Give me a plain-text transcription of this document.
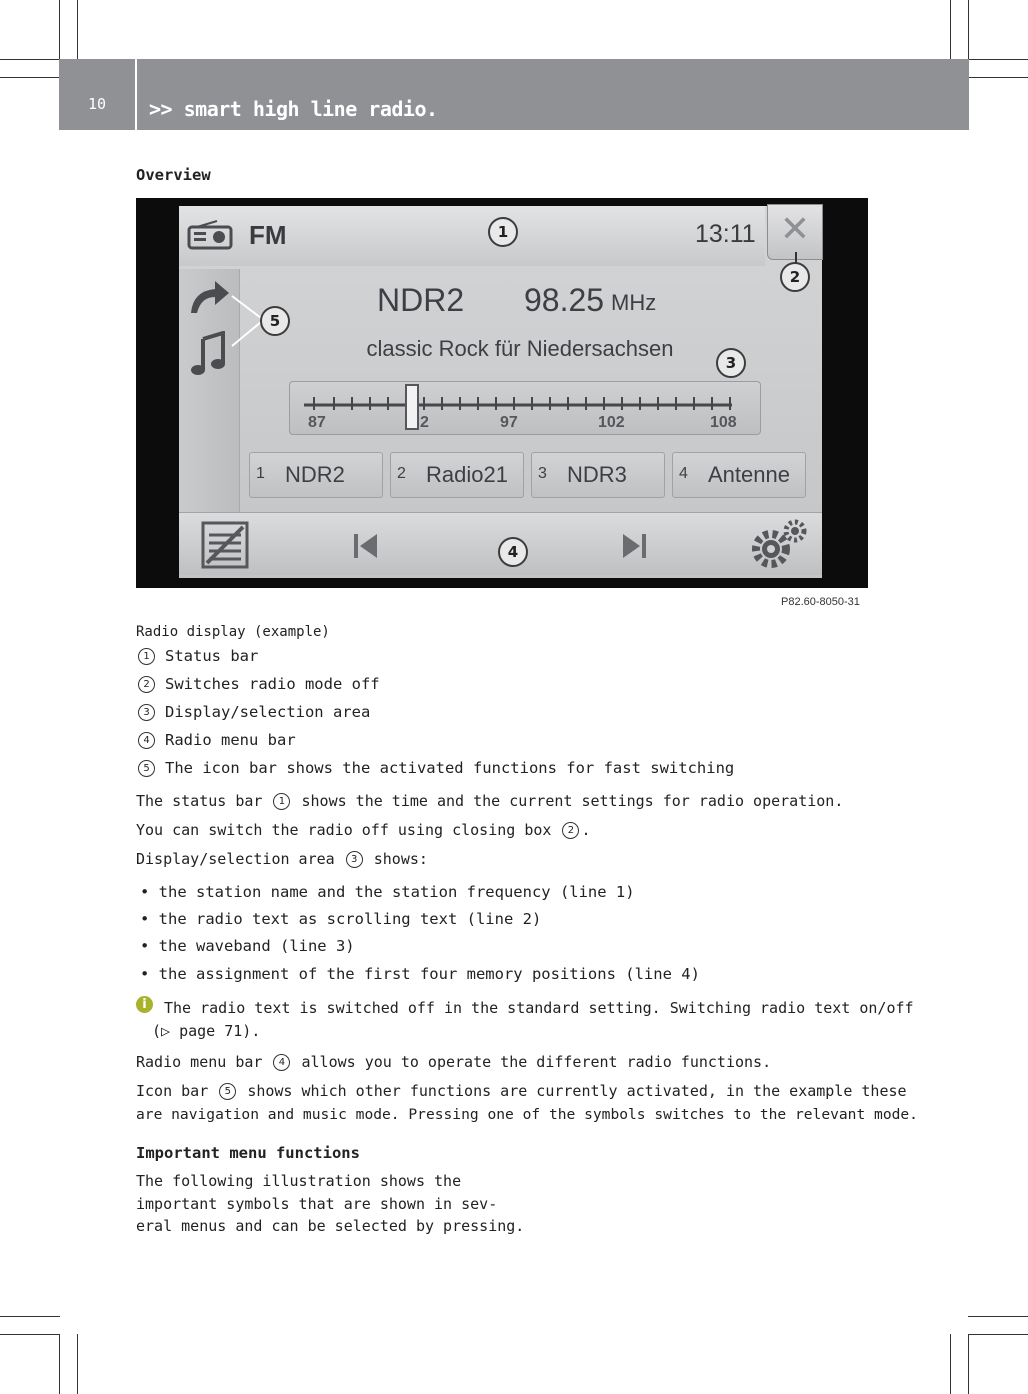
10	>> smart high line radio.
Overview
FM	13:11 ✕
NDR2 98.25 MHz
classic Rock für Niedersachsen
87	2	97	102	108
1 NDR2	2 Radio21 3 NDR3	4 Antenne
1
2
3
4
5
P82.60-8050-31
Radio display (example)
1 Status bar
2 Switches radio mode off
3 Display/selection area
4 Radio menu bar
5 The icon bar shows the activated functions for fast switching
The status bar 1 shows the time and the current settings for radio operation.
You can switch the radio off using closing box 2 .
Display/selection area 3 shows:
• the station name and the station frequency (line 1)
• the radio text as scrolling text (line 2)
• the waveband (line 3)
• the assignment of the first four memory positions (line 4)
i	The radio text is switched off in the standard setting. Switching radio text on/off
(▷ page 71).
Radio menu bar 4 allows you to operate the different radio functions.
Icon bar 5 shows which other functions are currently activated, in the example these
are navigation and music mode. Pressing one of the symbols switches to the relevant mode.
Important menu functions
The following illustration shows the
important symbols that are shown in sev-
eral menus and can be selected by pressing.
